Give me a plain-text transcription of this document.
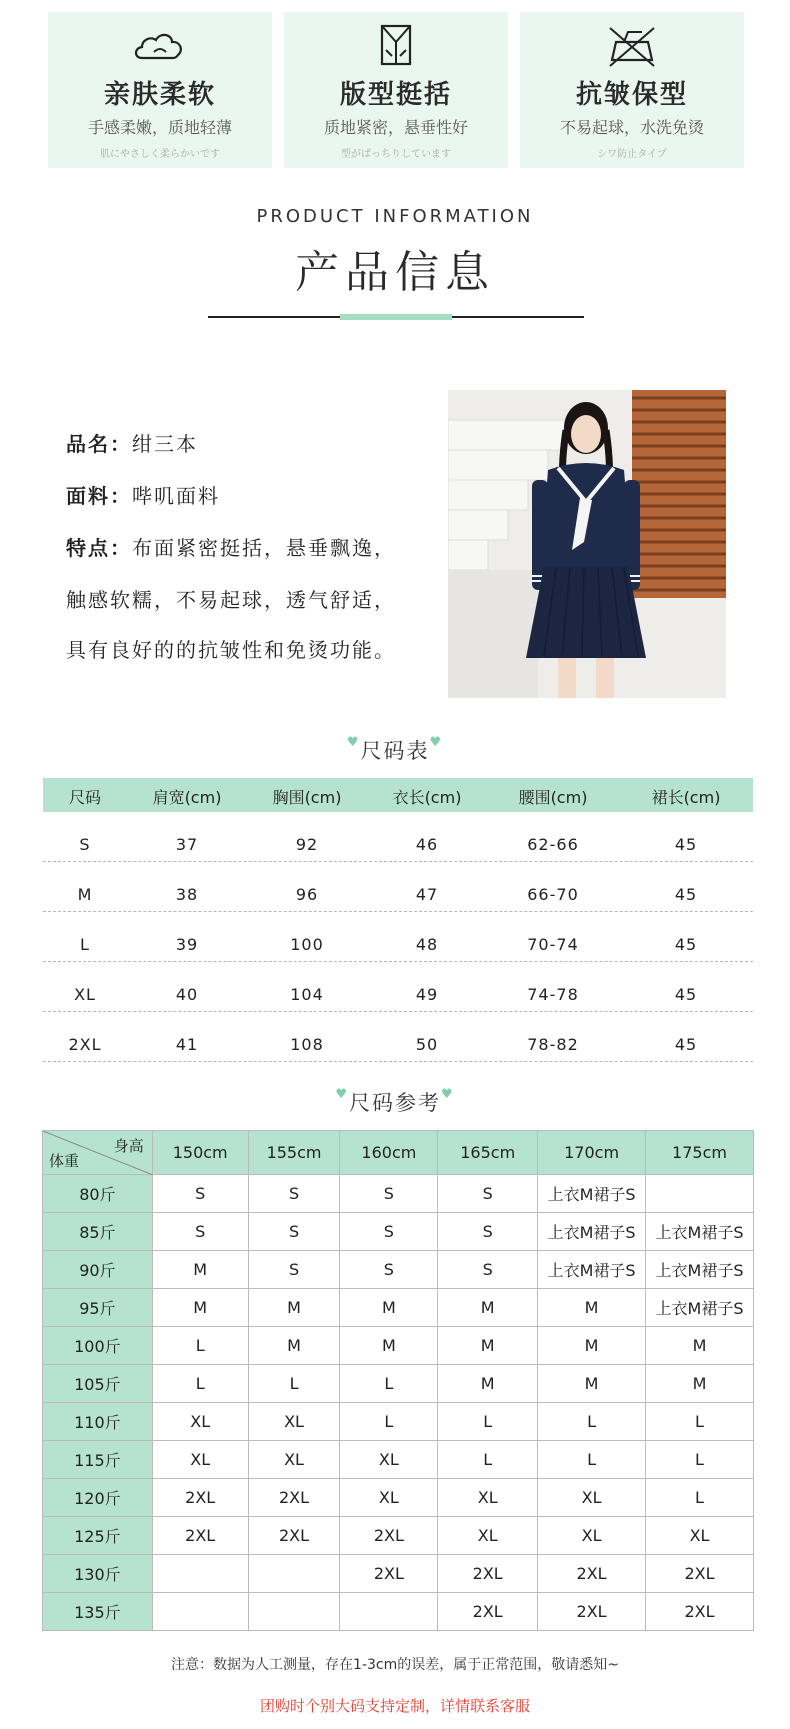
亲肤柔软
手感柔嫩，质地轻薄
肌にやさしく柔らかいです
版型挺括
质地紧密，悬垂性好
型がぱっちりしています
抗皱保型
不易起球，水洗免烫
シワ防止タイプ
PRODUCT INFORMATION
产品信息
品名：绀三本
面料：哔叽面料
特点：布面紧密挺括，悬垂飘逸，
触感软糯，不易起球，透气舒适，
具有良好的的抗皱性和免烫功能。
♥尺码表♥
尺码	肩宽(cm)	胸围(cm)	衣长(cm)	腰围(cm)	裙长(cm)
S	37	92	46	62-66	45
M	38	96	47	66-70	45
L	39	100	48	70-74	45
XL	40	104	49	74-78	45
2XL	41	108	50	78-82	45
♥尺码参考♥
身高
体重	150cm	155cm	160cm	165cm	170cm	175cm
80斤	S	S	S	S	上衣M裙子S	
85斤	S	S	S	S	上衣M裙子S	上衣M裙子S
90斤	M	S	S	S	上衣M裙子S	上衣M裙子S
95斤	M	M	M	M	M	上衣M裙子S
100斤	L	M	M	M	M	M
105斤	L	L	L	M	M	M
110斤	XL	XL	L	L	L	L
115斤	XL	XL	XL	L	L	L
120斤	2XL	2XL	XL	XL	XL	L
125斤	2XL	2XL	2XL	XL	XL	XL
130斤			2XL	2XL	2XL	2XL
135斤				2XL	2XL	2XL
注意：数据为人工测量，存在1-3cm的误差，属于正常范围，敬请悉知~
团购时个别大码支持定制，详情联系客服
